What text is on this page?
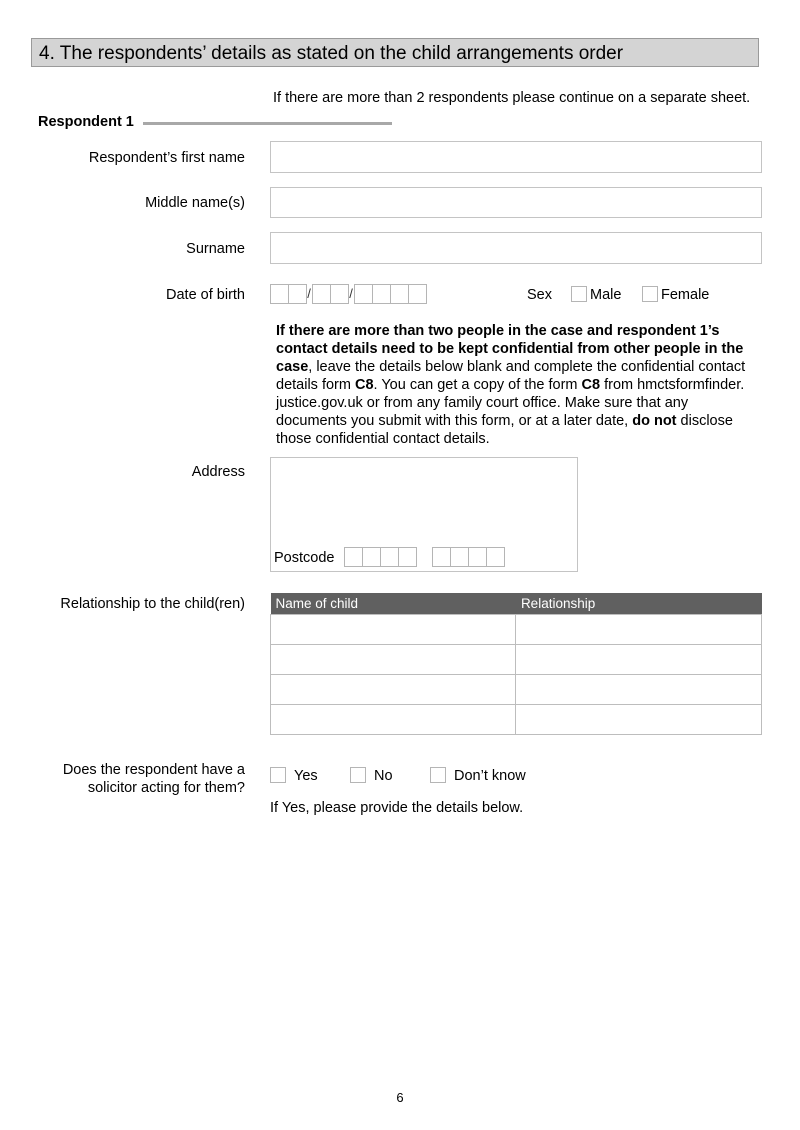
4. The respondents’ details as stated on the child arrangements order
If there are more than 2 respondents please continue on a separate sheet.
Respondent 1
Respondent’s first name
Middle name(s)
Surname
Date of birth	/	/	Sex	Male	Female
If there are more than two people in the case and respondent 1’s contact details need to be kept confidential from other people in the case, leave the details below blank and complete the confidential contact details form C8. You can get a copy of the form C8 from hmctsformfinder. justice.gov.uk or from any family court office. Make sure that any documents you submit with this form, or at a later date, do not disclose those confidential contact details.
Address
Postcode
Relationship to the child(ren) Name of child	Relationship

Does the respondent have a
solicitor acting for them?
Yes	No	Don’t know
If Yes, please provide the details below.
6
